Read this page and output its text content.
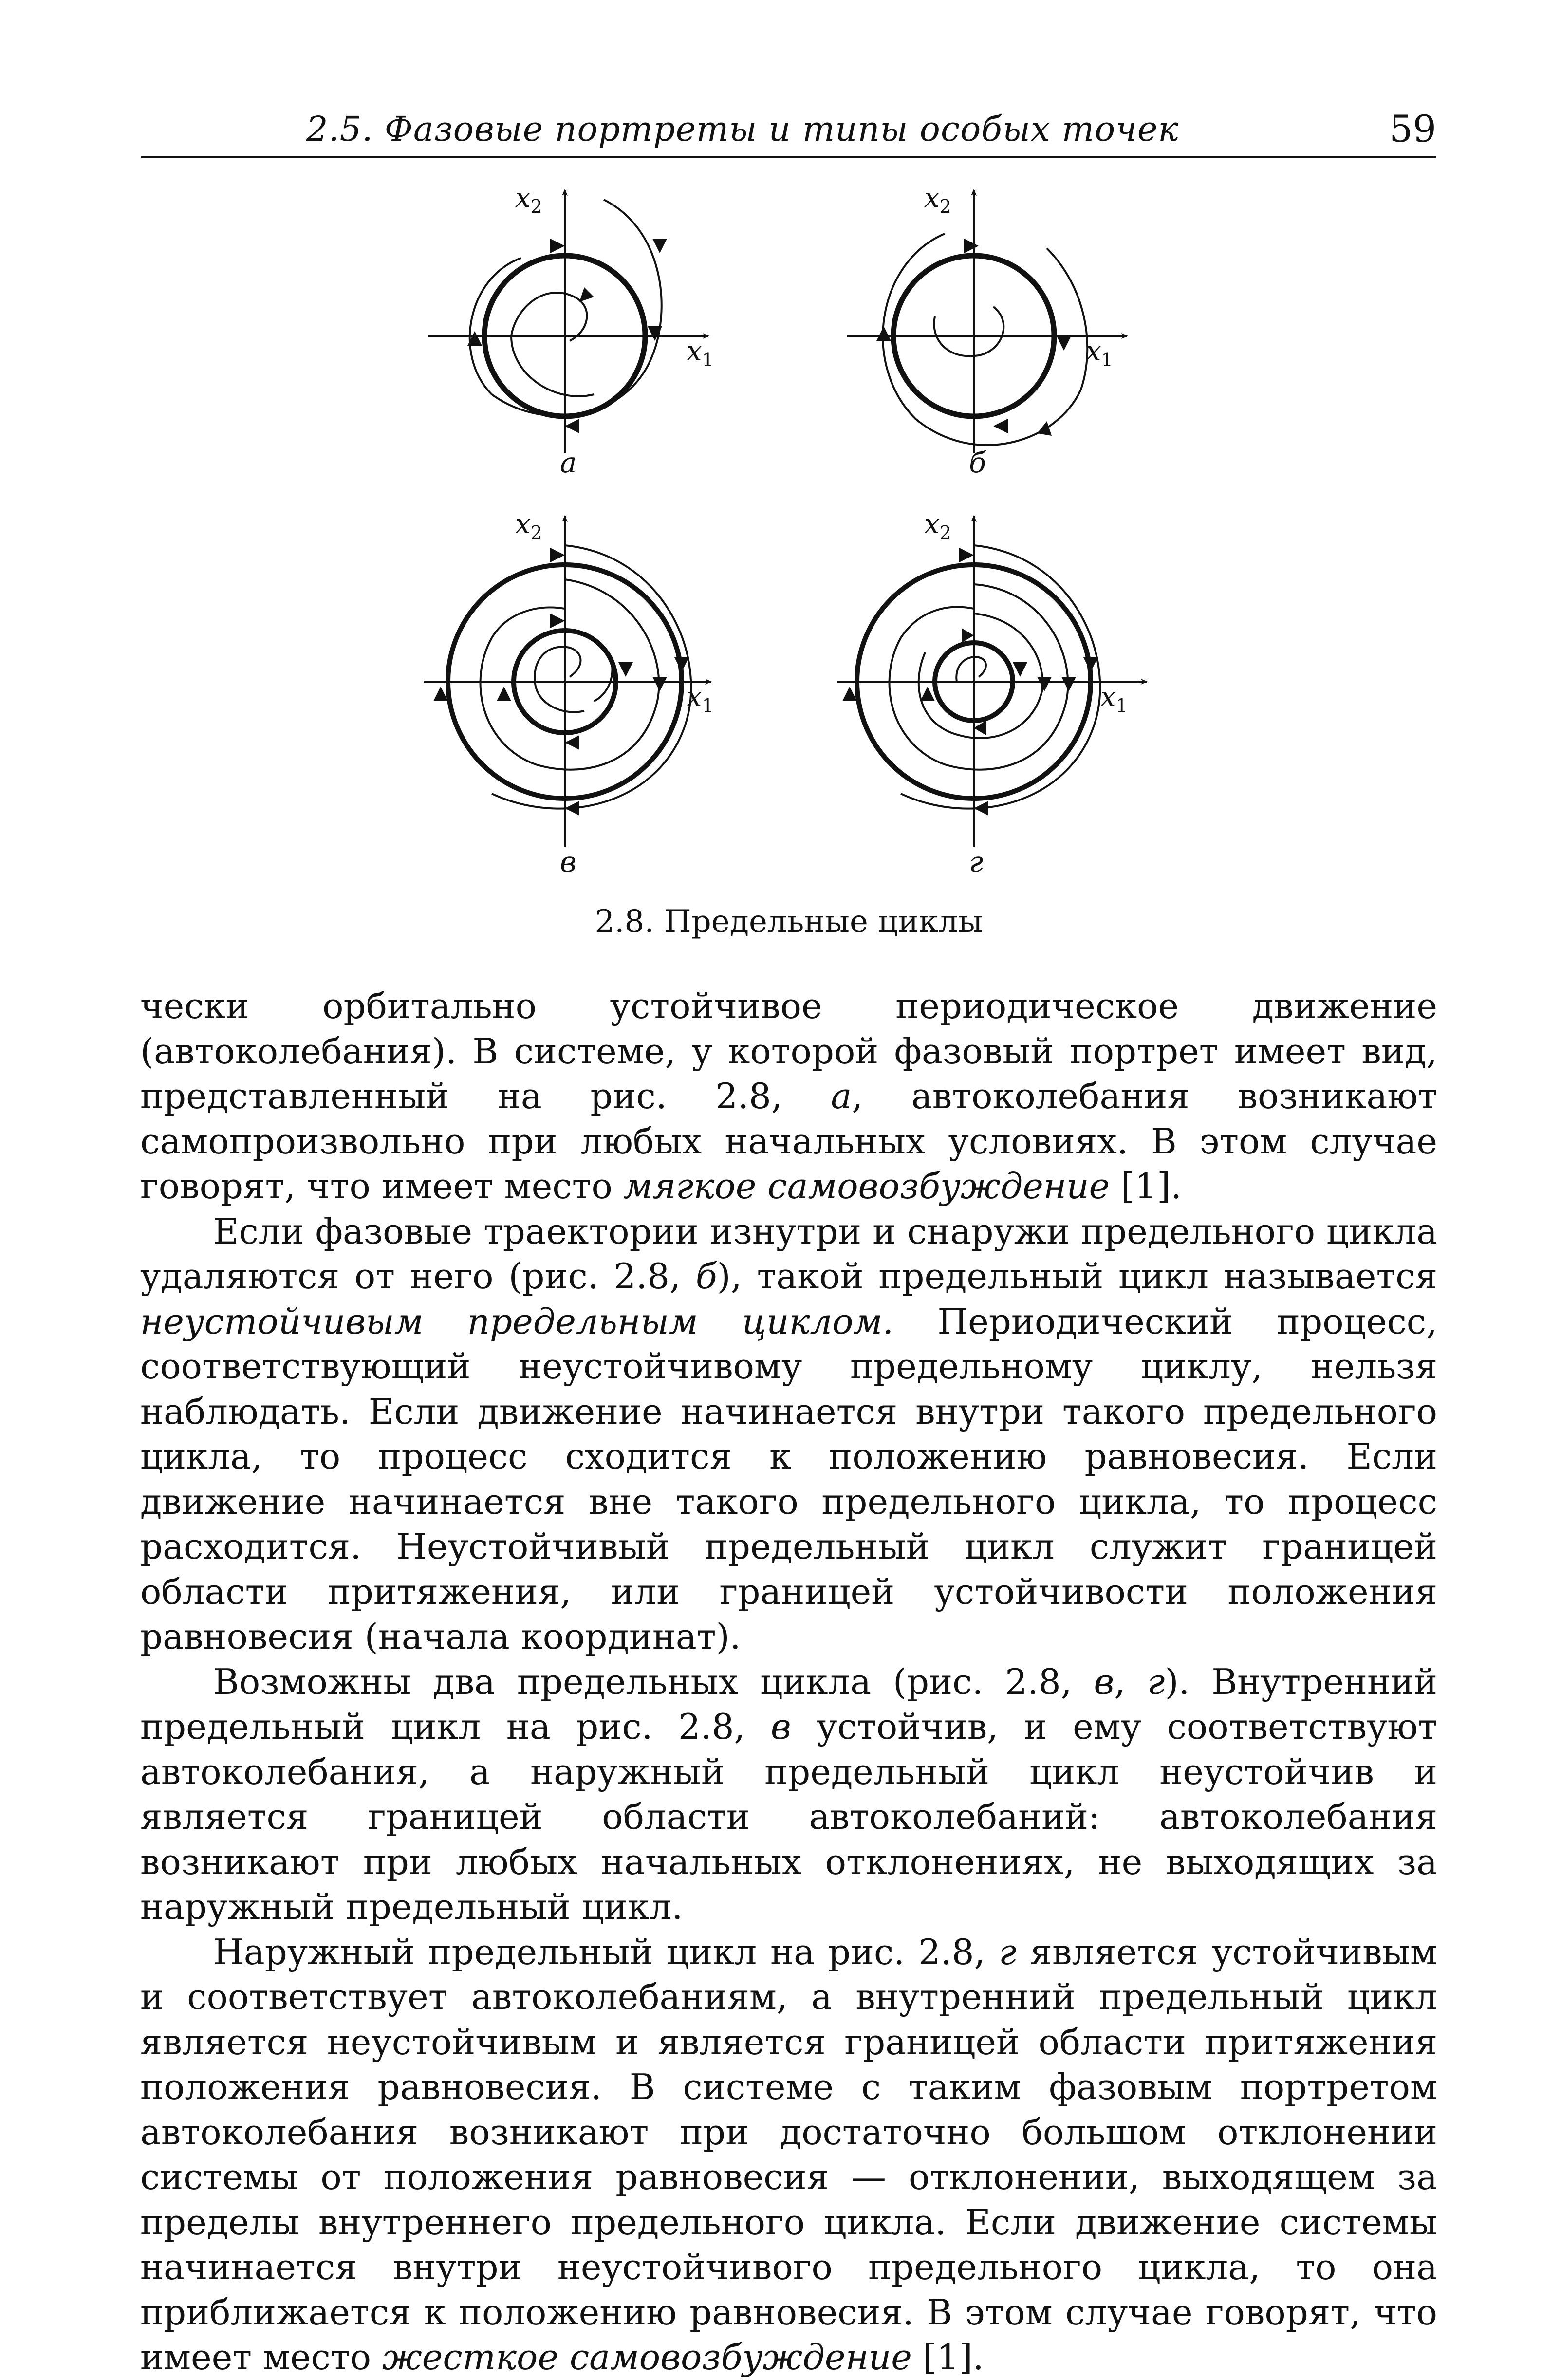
2.5. Фазовые портреты и типы особых точек	59
$x_2$
$x_1$
$x_2$
$x_1$
$x_2$
$x_1$
$x_2$
$x_1$
а	б
в	г
2.8. Предельные циклы

чески орбитально устойчивое периодическое движение (автоколебания). В системе, у которой фазовый портрет имеет вид, представленный на рис. 2.8, а, автоколебания возникают самопроизвольно при любых начальных условиях. В этом случае говорят, что имеет место мягкое самовозбуждение [1].

Если фазовые траектории изнутри и снаружи предельного цикла удаляются от него (рис. 2.8, б), такой предельный цикл называется неустойчивым предельным циклом. Периодический процесс, соответствующий неустойчивому предельному циклу, нельзя наблюдать. Если движение начинается внутри такого предельного цикла, то процесс сходится к положению равновесия. Если движение начинается вне такого предельного цикла, то процесс расходится. Неустойчивый предельный цикл служит границей области притяжения, или границей устойчивости положения равновесия (начала координат).

Возможны два предельных цикла (рис. 2.8, в, г). Внутренний предельный цикл на рис. 2.8, в устойчив, и ему соответствуют автоколебания, а наружный предельный цикл неустойчив и является границей области автоколебаний: автоколебания возникают при любых начальных отклонениях, не выходящих за наружный предельный цикл.

Наружный предельный цикл на рис. 2.8, г является устойчивым и соответствует автоколебаниям, а внутренний предельный цикл является неустойчивым и является границей области притяжения положения равновесия. В системе с таким фазовым портретом автоколебания возникают при достаточно большом отклонении системы от положения равновесия — отклонении, выходящем за пределы внутреннего предельного цикла. Если движение системы начинается внутри неустойчивого предельного цикла, то она приближается к положению равновесия. В этом случае говорят, что имеет место жесткое самовозбуждение [1].
